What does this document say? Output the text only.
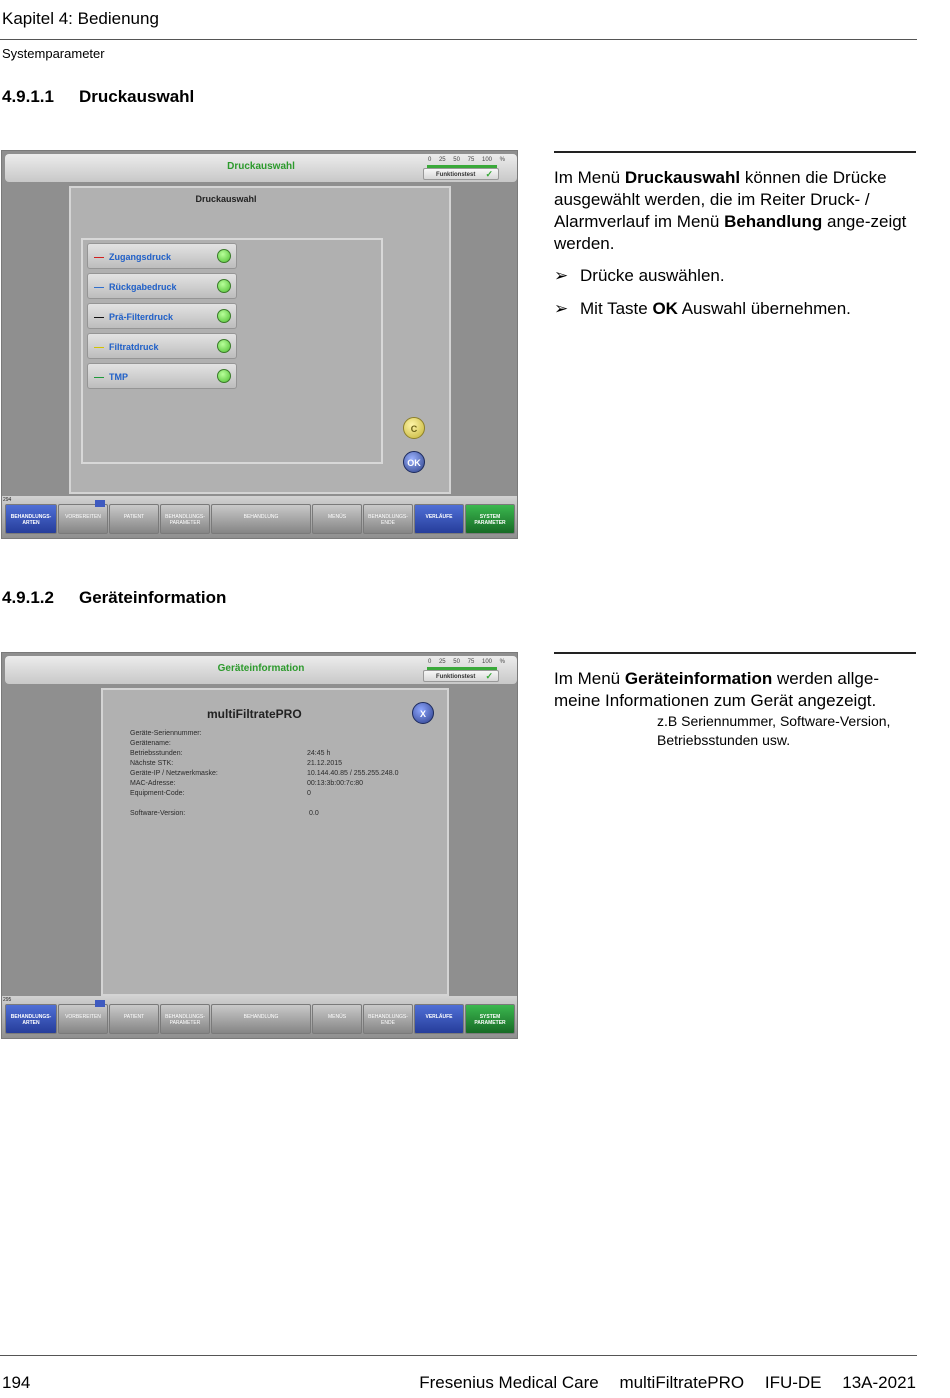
Kapitel 4: Bedienung
Systemparameter
4.9.1.1 Druckauswahl
Druckauswahl
0 25 50 75 100 %
Funktionstest ✓
Druckauswahl
Zugangsdruck
Rückgabedruck
Prä-Filterdruck
Filtratdruck
TMP
C
OK
294
BEHANDLUNGS-
ARTEN
VORBEREITEN	PATIENT	BEHANDLUNGS-
PARAMETER
BEHANDLUNG	MENÜS	BEHANDLUNGS-
ENDE
VERLÄUFE	SYSTEM
PARAMETER
Im Menü Druckauswahl können die Drücke ausgewählt werden, die im Reiter Druck- / Alarmverlauf im Menü Behandlung ange-zeigt werden.
➢ Drücke auswählen.
➢ Mit Taste OK Auswahl übernehmen.
4.9.1.2 Geräteinformation
Geräteinformation
0 25 50 75 100 %
Funktionstest ✓
multiFiltratePRO	X
Geräte-Seriennummer:
Gerätename:
Betriebsstunden:	24:45 h
Nächste STK:	21.12.2015
Geräte-IP / Netzwerkmaske:	10.144.40.85 / 255.255.248.0
MAC-Adresse:	00:13:3b:00:7c:80
Equipment-Code:	0
Software-Version:	0.0
295
BEHANDLUNGS-
ARTEN
VORBEREITEN	PATIENT	BEHANDLUNGS-
PARAMETER
BEHANDLUNG	MENÜS	BEHANDLUNGS-
ENDE
VERLÄUFE	SYSTEM
PARAMETER
Im Menü Geräteinformation werden allge-meine Informationen zum Gerät angezeigt.
z.B Seriennummer, Software-Version,
Betriebsstunden usw.
194	Fresenius Medical Care multiFiltratePRO IFU-DE 13A-2021
